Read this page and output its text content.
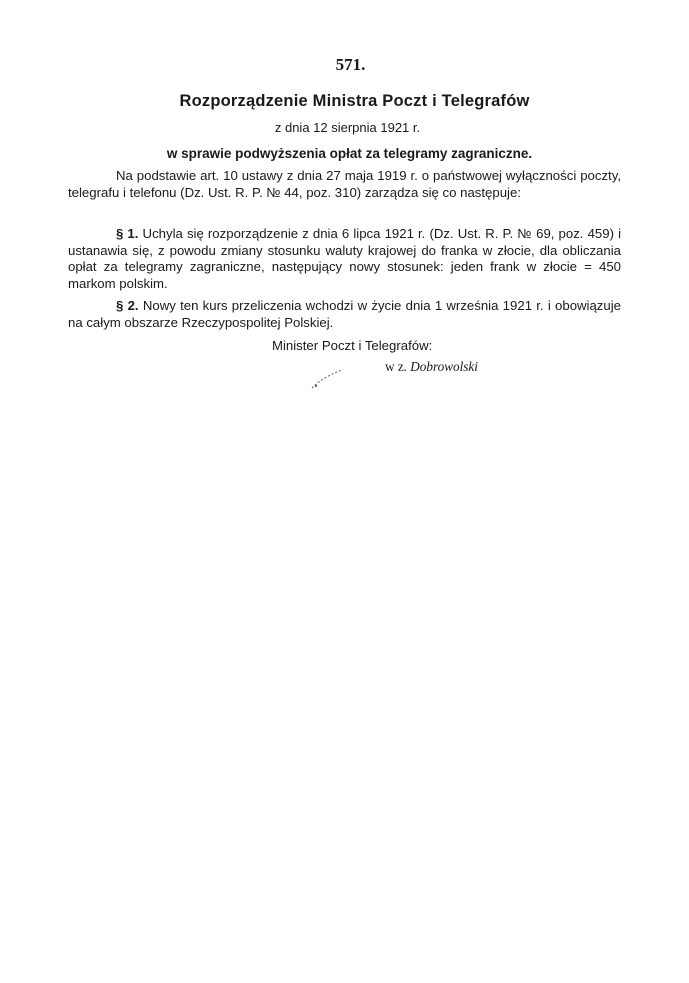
571.
Rozporządzenie Ministra Poczt i Telegrafów
z dnia 12 sierpnia 1921 r.
w sprawie podwyższenia opłat za telegramy zagraniczne.
Na podstawie art. 10 ustawy z dnia 27 maja 1919 r. o państwowej wyłączności poczty, telegrafu i telefonu (Dz. Ust. R. P. № 44, poz. 310) zarządza się co następuje:
§ 1. Uchyla się rozporządzenie z dnia 6 lipca 1921 r. (Dz. Ust. R. P. № 69, poz. 459) i ustanawia się, z powodu zmiany stosunku waluty krajowej do franka w złocie, dla obliczania opłat za telegramy zagraniczne, następujący nowy stosunek: jeden frank w złocie = 450 markom polskim.
§ 2. Nowy ten kurs przeliczenia wchodzi w życie dnia 1 września 1921 r. i obowiązuje na całym obszarze Rzeczypospolitej Polskiej.
Minister Poczt i Telegrafów:
w z. Dobrowolski
